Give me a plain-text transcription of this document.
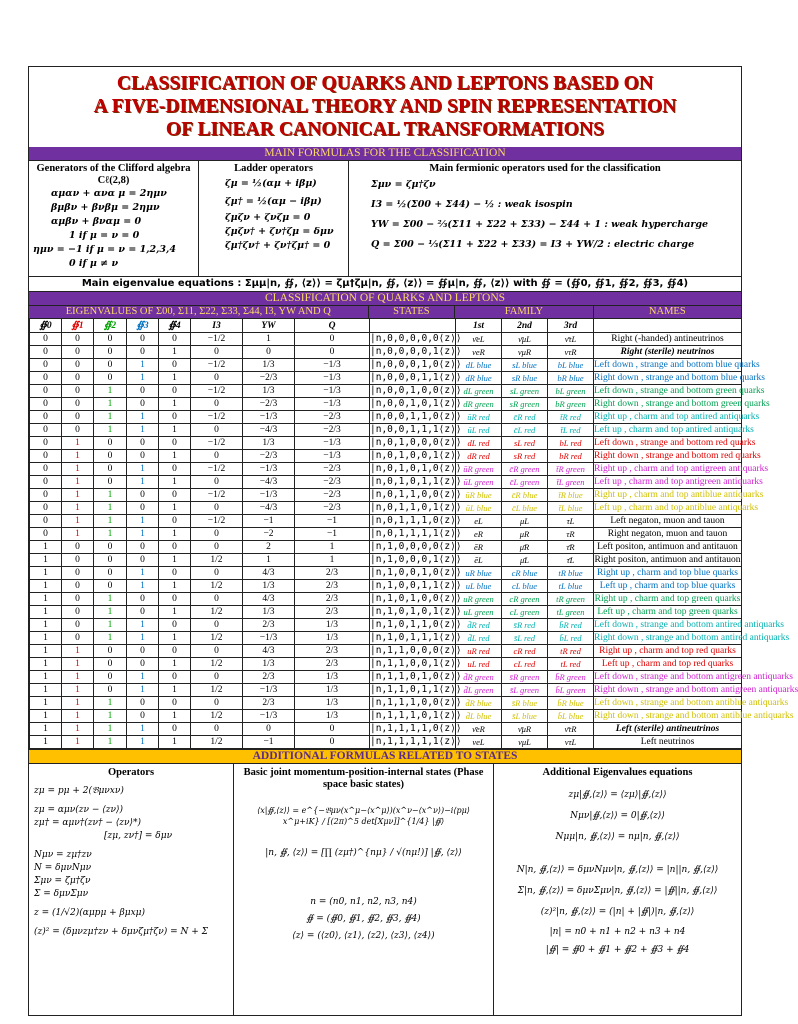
CLASSIFICATION OF QUARKS AND LEPTONS BASED ON
A FIVE-DIMENSIONAL THEORY AND SPIN REPRESENTATION
OF LINEAR CANONICAL TRANSFORMATIONS
MAIN FORMULAS FOR THE CLASSIFICATION
Generators of the Clifford algebra Cℓ(2,8)
αμαν + ανα μ = 2ημν
βμβν + βνβμ = 2ημν
αμβν + βναμ = 0
1 if μ = ν = 0
ημν = −1 if μ = ν = 1,2,3,4
0 if μ ≠ ν
Ladder operators
ζμ = ½(αμ + iβμ)
ζμ† = ½(αμ − iβμ)
ζμζν + ζνζμ = 0
ζμζν† + ζν†ζμ = δμν
ζμ†ζν† + ζν†ζμ† = 0
Main fermionic operators used for the classification
Σμν = ζμ†ζν
I3 = ½(Σ00 + Σ44) − ½ : weak isospin
YW = Σ00 − ⅔(Σ11 + Σ22 + Σ33) − Σ44 + 1 : weak hypercharge
Q = Σ00 − ⅓(Σ11 + Σ22 + Σ33) = I3 + YW/2 : electric charge
Main eigenvalue equations : Σμμ|n, ∯, ⟨z⟩⟩ = ζμ†ζμ|n, ∯, ⟨z⟩⟩ = ∯μ|n, ∯, ⟨z⟩⟩ with ∯ = (∯0, ∯1, ∯2, ∯3, ∯4)
CLASSIFICATION OF QUARKS AND LEPTONS
EIGENVALUES OF Σ00, Σ11, Σ22, Σ33, Σ44, I3, YW AND Q	STATES	FAMILY	NAMES
∯0	∯1	∯2	∯3	∯4	I3	YW	Q		1st	2nd	3rd	
0	0	0	0	0	−1/2	1	0	|n,0,0,0,0,0⟨z⟩⟩	ν̄eL	ν̄μL	ν̄τL	Right (-handed) antineutrinos
0	0	0	0	1	0	0	0	|n,0,0,0,0,1⟨z⟩⟩	νeR	νμR	ντR	Right (sterile) neutrinos
0	0	0	1	0	−1/2	1/3	−1/3	|n,0,0,0,1,0⟨z⟩⟩	dL blue	sL blue	bL blue	Left down , strange and bottom blue quarks
0	0	0	1	1	0	−2/3	−1/3	|n,0,0,0,1,1⟨z⟩⟩	dR blue	sR blue	bR blue	Right down , strange and bottom blue quarks
0	0	1	0	0	−1/2	1/3	−1/3	|n,0,0,1,0,0⟨z⟩⟩	dL green	sL green	bL green	Left down , strange and bottom green quarks
0	0	1	0	1	0	−2/3	−1/3	|n,0,0,1,0,1⟨z⟩⟩	dR green	sR green	bR green	Right down , strange and bottom green quarks
0	0	1	1	0	−1/2	−1/3	−2/3	|n,0,0,1,1,0⟨z⟩⟩	ūR red	c̄R red	t̄R red	Right up , charm and top antired antiquarks
0	0	1	1	1	0	−4/3	−2/3	|n,0,0,1,1,1⟨z⟩⟩	ūL red	c̄L red	t̄L red	Left up , charm and top antired antiquarks
0	1	0	0	0	−1/2	1/3	−1/3	|n,0,1,0,0,0⟨z⟩⟩	dL red	sL red	bL red	Left down , strange and bottom red quarks
0	1	0	0	1	0	−2/3	−1/3	|n,0,1,0,0,1⟨z⟩⟩	dR red	sR red	bR red	Right down , strange and bottom red quarks
0	1	0	1	0	−1/2	−1/3	−2/3	|n,0,1,0,1,0⟨z⟩⟩	ūR green	c̄R green	t̄R green	Right up , charm and top antigreen antiquarks
0	1	0	1	1	0	−4/3	−2/3	|n,0,1,0,1,1⟨z⟩⟩	ūL green	c̄L green	t̄L green	Left up , charm and top antigreen antiquarks
0	1	1	0	0	−1/2	−1/3	−2/3	|n,0,1,1,0,0⟨z⟩⟩	ūR blue	c̄R blue	t̄R blue	Right up , charm and top antiblue antiquarks
0	1	1	0	1	0	−4/3	−2/3	|n,0,1,1,0,1⟨z⟩⟩	ūL blue	c̄L blue	t̄L blue	Left up , charm and top antiblue antiquarks
0	1	1	1	0	−1/2	−1	−1	|n,0,1,1,1,0⟨z⟩⟩	eL	μL	τL	Left negaton, muon and tauon
0	1	1	1	1	0	−2	−1	|n,0,1,1,1,1⟨z⟩⟩	eR	μR	τR	Right negaton, muon and tauon
1	0	0	0	0	0	2	1	|n,1,0,0,0,0⟨z⟩⟩	ēR	μ̄R	τ̄R	Left positon, antimuon and antitauon
1	0	0	0	1	1/2	1	1	|n,1,0,0,0,1⟨z⟩⟩	ēL	μ̄L	τ̄L	Right positon, antimuon and antitauon
1	0	0	1	0	0	4/3	2/3	|n,1,0,0,1,0⟨z⟩⟩	uR blue	cR blue	tR blue	Right up , charm and top blue quarks
1	0	0	1	1	1/2	1/3	2/3	|n,1,0,0,1,1⟨z⟩⟩	uL blue	cL blue	tL blue	Left up , charm and top blue quarks
1	0	1	0	0	0	4/3	2/3	|n,1,0,1,0,0⟨z⟩⟩	uR green	cR green	tR green	Right up , charm and top green quarks
1	0	1	0	1	1/2	1/3	2/3	|n,1,0,1,0,1⟨z⟩⟩	uL green	cL green	tL green	Left up , charm and top green quarks
1	0	1	1	0	0	2/3	1/3	|n,1,0,1,1,0⟨z⟩⟩	d̄R red	s̄R red	b̄R red	Left down , strange and bottom antired antiquarks
1	0	1	1	1	1/2	−1/3	1/3	|n,1,0,1,1,1⟨z⟩⟩	d̄L red	s̄L red	b̄L red	Right down , strange and bottom antired antiquarks
1	1	0	0	0	0	4/3	2/3	|n,1,1,0,0,0⟨z⟩⟩	uR red	cR red	tR red	Right up , charm and top red quarks
1	1	0	0	1	1/2	1/3	2/3	|n,1,1,0,0,1⟨z⟩⟩	uL red	cL red	tL red	Left up , charm and top red quarks
1	1	0	1	0	0	2/3	1/3	|n,1,1,0,1,0⟨z⟩⟩	d̄R green	s̄R green	b̄R green	Left down , strange and bottom antigreen antiquarks
1	1	0	1	1	1/2	−1/3	1/3	|n,1,1,0,1,1⟨z⟩⟩	d̄L green	s̄L green	b̄L green	Right down , strange and bottom antigreen antiquarks
1	1	1	0	0	0	2/3	1/3	|n,1,1,1,0,0⟨z⟩⟩	d̄R blue	s̄R blue	b̄R blue	Left down , strange and bottom antiblue antiquarks
1	1	1	0	1	1/2	−1/3	1/3	|n,1,1,1,0,1⟨z⟩⟩	d̄L blue	s̄L blue	b̄L blue	Right down , strange and bottom antiblue antiquarks
1	1	1	1	0	0	0	0	|n,1,1,1,1,0⟨z⟩⟩	ν̄eR	ν̄μR	ν̄τR	Left (sterile) antineutrinos
1	1	1	1	1	1/2	−1	0	|n,1,1,1,1,1⟨z⟩⟩	νeL	νμL	ντL	Left neutrinos
ADDITIONAL FORMULAS RELATED TO STATES
Operators
zμ = pμ + 2(𝔅μνxν)
zμ = αμν(zν − ⟨zν⟩)
zμ† = αμν†(zν† − ⟨zν⟩*)
[zμ, zν†] = δμν
Nμν = zμ†zν
N = δμνNμν
Σμν = ζμ†ζν
Σ = δμνΣμν
z = (1/√2)(αμpμ + βμxμ)
(z)² = (δμνzμ†zν + δμνζμ†ζν) = N + Σ
Basic joint momentum-position-internal states (Phase space basic states)
⟨x|∯,⟨z⟩⟩ = e^{−𝔅μν(x^μ−⟨x^μ⟩)(x^ν−⟨x^ν⟩)−i⟨pμ⟩x^μ+iK} / [(2π)^5 det[Xμν]]^{1/4} |∯⟩
|n, ∯, ⟨z⟩⟩ = [∏ (zμ†)^{nμ} / √(nμ!)] |∯, ⟨z⟩⟩
n = (n0, n1, n2, n3, n4)
∯ = (∯0, ∯1, ∯2, ∯3, ∯4)
⟨z⟩ = (⟨z0⟩, ⟨z1⟩, ⟨z2⟩, ⟨z3⟩, ⟨z4⟩)
Additional Eigenvalues equations
zμ|∯,⟨z⟩⟩ = ⟨zμ⟩|∯,⟨z⟩⟩
Nμν|∯,⟨z⟩⟩ = 0|∯,⟨z⟩⟩
Nμμ|n, ∯,⟨z⟩⟩ = nμ|n, ∯,⟨z⟩⟩
N|n, ∯,⟨z⟩⟩ = δμνNμν|n, ∯,⟨z⟩⟩ = |n||n, ∯,⟨z⟩⟩
Σ|n, ∯,⟨z⟩⟩ = δμνΣμν|n, ∯,⟨z⟩⟩ = |∯||n, ∯,⟨z⟩⟩
(z)²|n, ∯,⟨z⟩⟩ = (|n| + |∯|)|n, ∯,⟨z⟩⟩
|n| = n0 + n1 + n2 + n3 + n4
|∯| = ∯0 + ∯1 + ∯2 + ∯3 + ∯4
